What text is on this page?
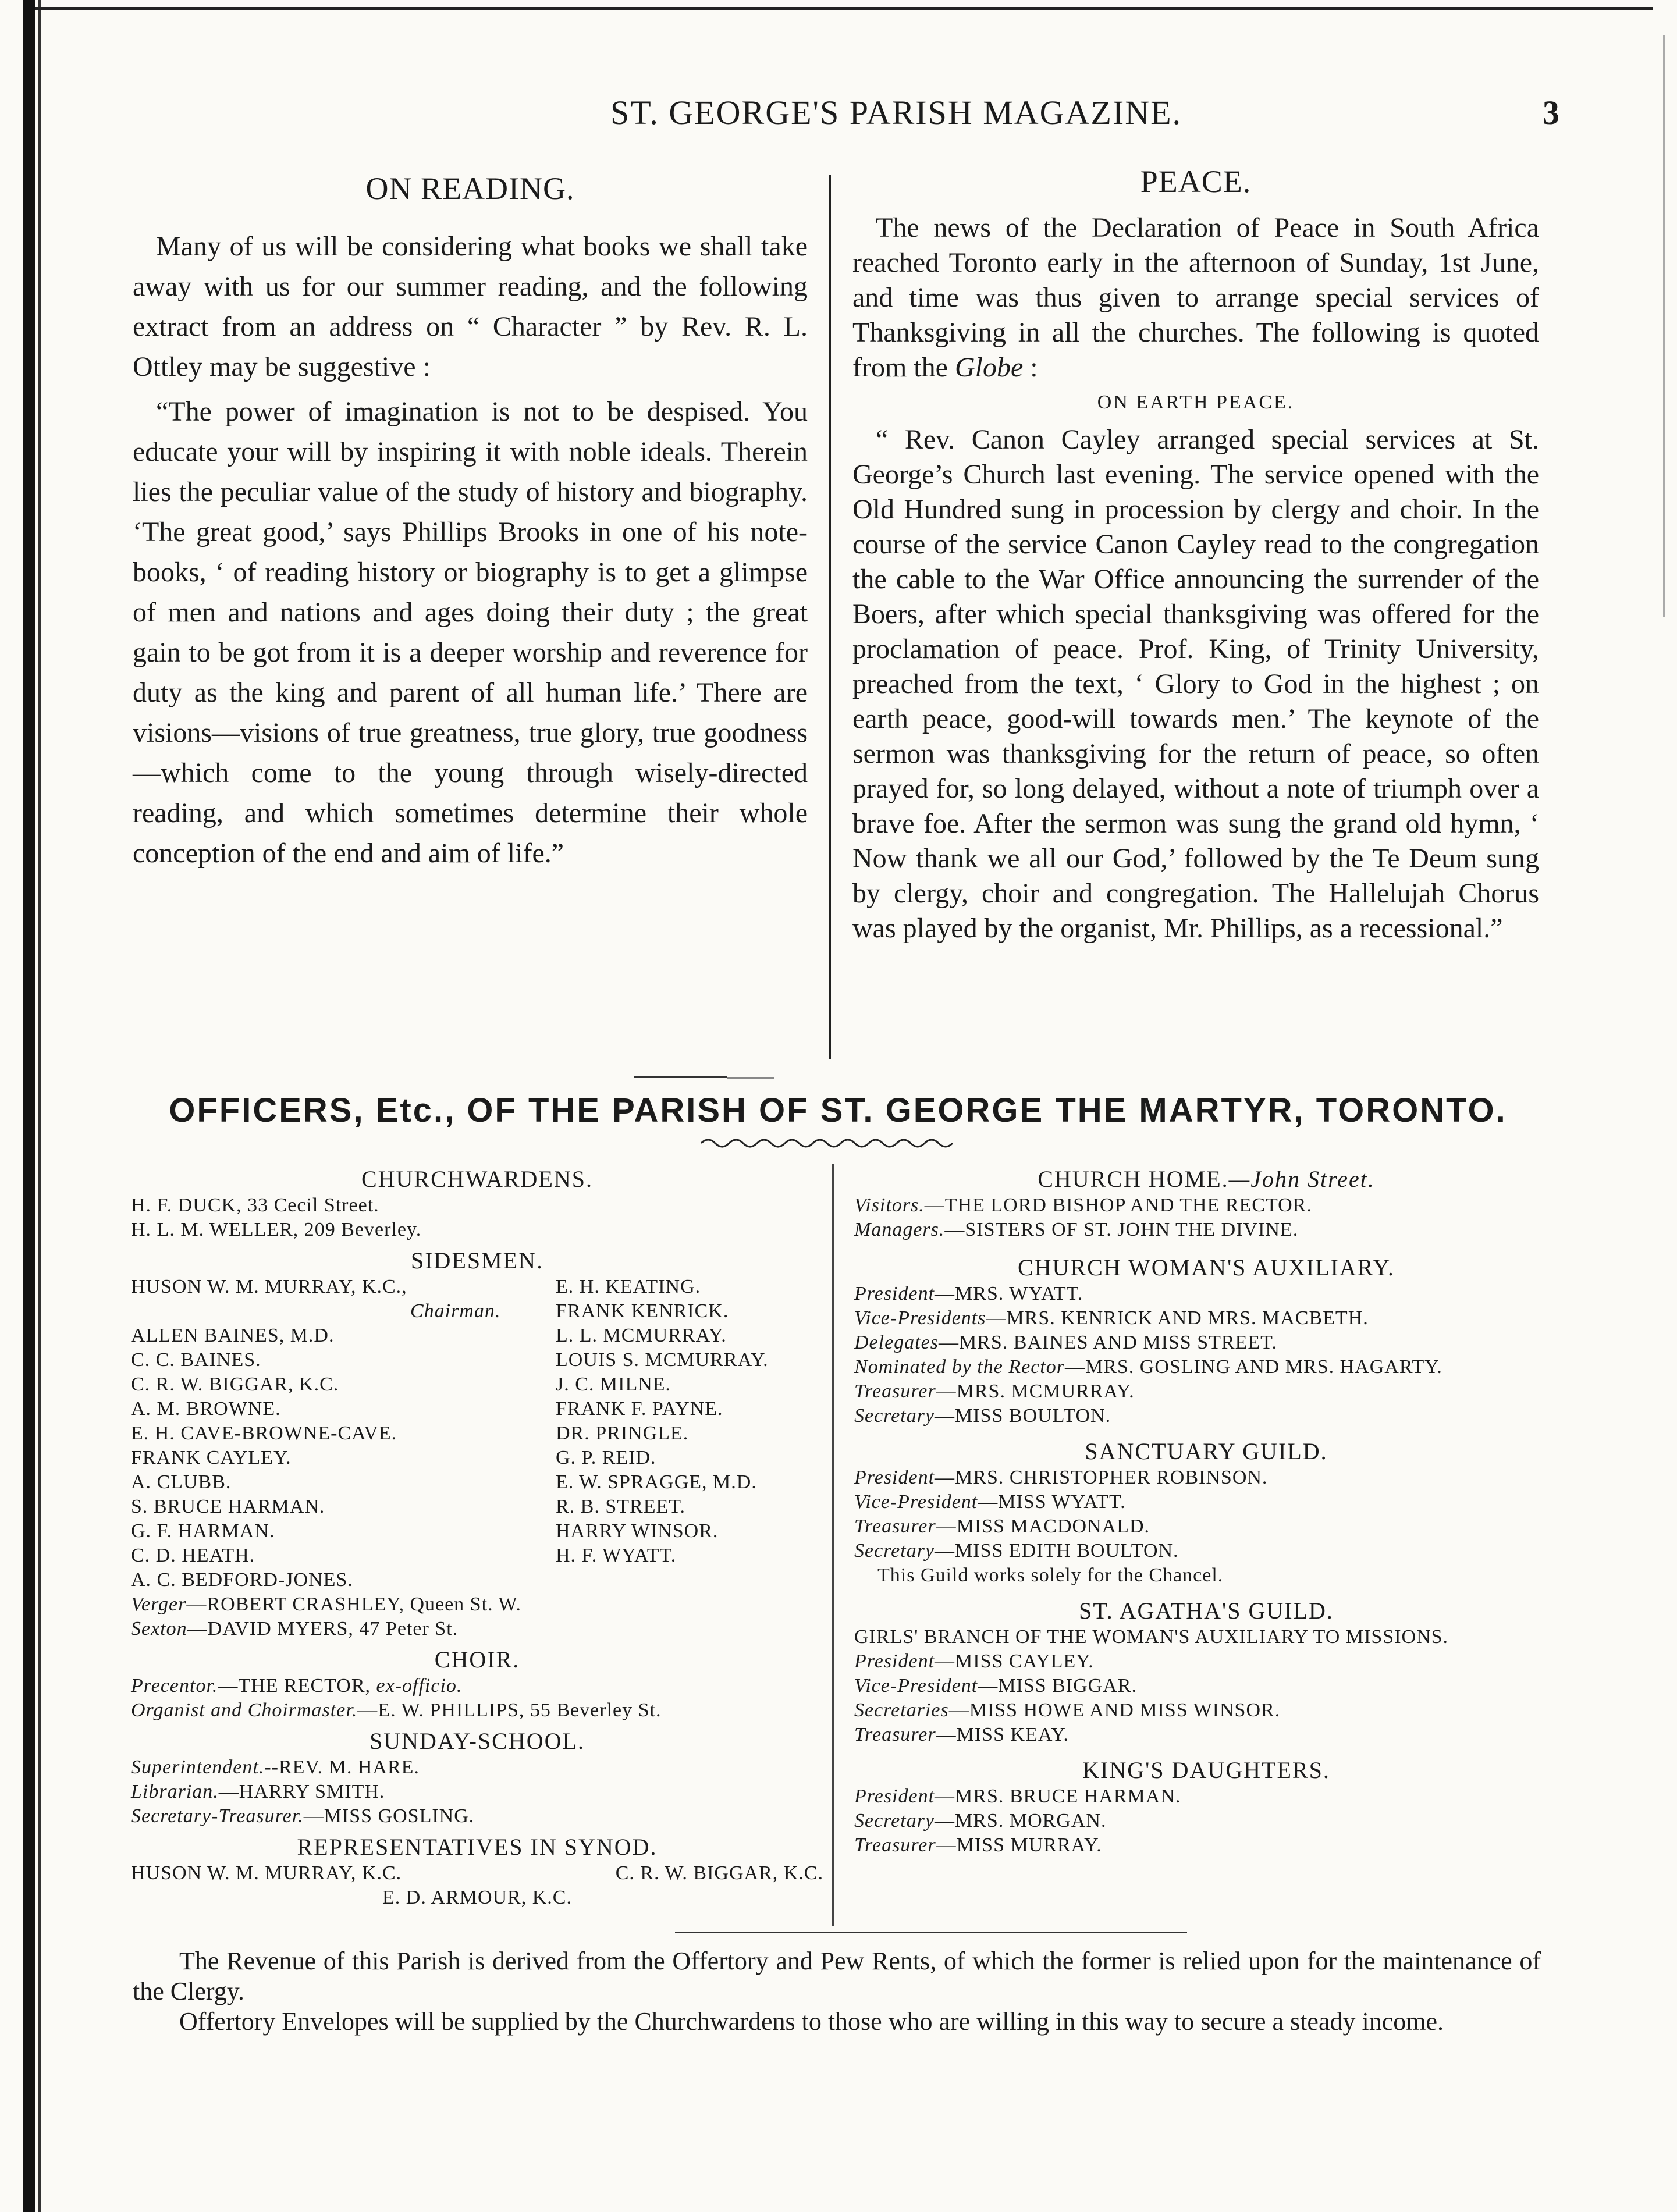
ST. GEORGE'S PARISH MAGAZINE.	3
ON READING.

Many of us will be considering what books we shall take away with us for our summer reading, and the following extract from an address on “ Character ” by Rev. R. L. Ottley may be suggestive :

“The power of imagination is not to be despised. You educate your will by inspiring it with noble ideals. Therein lies the peculiar value of the study of history and biography. ‘The great good,’ says Phillips Brooks in one of his note-books, ‘ of reading history or biography is to get a glimpse of men and nations and ages doing their duty ; the great gain to be got from it is a deeper worship and reverence for duty as the king and parent of all human life.’ There are visions—visions of true greatness, true glory, true goodness—which come to the young through wisely-directed reading, and which sometimes determine their whole conception of the end and aim of life.”

PEACE.

The news of the Declaration of Peace in South Africa reached Toronto early in the afternoon of Sunday, 1st June, and time was thus given to arrange special services of Thanksgiving in all the churches. The following is quoted from the Globe :

ON EARTH PEACE.

“ Rev. Canon Cayley arranged special services at St. George’s Church last evening. The service opened with the Old Hundred sung in procession by clergy and choir. In the course of the service Canon Cayley read to the congregation the cable to the War Office announcing the surrender of the Boers, after which special thanksgiving was offered for the proclamation of peace. Prof. King, of Trinity University, preached from the text, ‘ Glory to God in the highest ; on earth peace, good-will towards men.’ The keynote of the sermon was thanksgiving for the return of peace, so often prayed for, so long delayed, without a note of triumph over a brave foe. After the sermon was sung the grand old hymn, ‘ Now thank we all our God,’ followed by the Te Deum sung by clergy, choir and congregation. The Hallelujah Chorus was played by the organist, Mr. Phillips, as a recessional.”

OFFICERS, Etc., OF THE PARISH OF ST. GEORGE THE MARTYR, TORONTO.
CHURCHWARDENS.
H. F. DUCK, 33 Cecil Street.
H. L. M. WELLER, 209 Beverley.
SIDESMEN.
HUSON W. M. MURRAY, K.C.,	E. H. KEATING.
Chairman.	FRANK KENRICK.
ALLEN BAINES, M.D.	L. L. MCMURRAY.
C. C. BAINES.	LOUIS S. MCMURRAY.
C. R. W. BIGGAR, K.C.	J. C. MILNE.
A. M. BROWNE.	FRANK F. PAYNE.
E. H. CAVE-BROWNE-CAVE.	DR. PRINGLE.
FRANK CAYLEY.	G. P. REID.
A. CLUBB.	E. W. SPRAGGE, M.D.
S. BRUCE HARMAN.	R. B. STREET.
G. F. HARMAN.	HARRY WINSOR.
C. D. HEATH.	H. F. WYATT.
A. C. BEDFORD-JONES.
Verger—ROBERT CRASHLEY, Queen St. W.
Sexton—DAVID MYERS, 47 Peter St.
CHOIR.
Precentor.—THE RECTOR, ex-officio.
Organist and Choirmaster.—E. W. PHILLIPS, 55 Beverley St.
SUNDAY-SCHOOL.
Superintendent.--REV. M. HARE.
Librarian.—HARRY SMITH.
Secretary-Treasurer.—MISS GOSLING.
REPRESENTATIVES IN SYNOD.
HUSON W. M. MURRAY, K.C.	C. R. W. BIGGAR, K.C.
E. D. ARMOUR, K.C.
CHURCH HOME.—John Street.
Visitors.—THE LORD BISHOP AND THE RECTOR.
Managers.—SISTERS OF ST. JOHN THE DIVINE.
CHURCH WOMAN'S AUXILIARY.
President—MRS. WYATT.
Vice-Presidents—MRS. KENRICK AND MRS. MACBETH.
Delegates—MRS. BAINES AND MISS STREET.
Nominated by the Rector—MRS. GOSLING AND MRS. HAGARTY.
Treasurer—MRS. MCMURRAY.
Secretary—MISS BOULTON.
SANCTUARY GUILD.
President—MRS. CHRISTOPHER ROBINSON.
Vice-President—MISS WYATT.
Treasurer—MISS MACDONALD.
Secretary—MISS EDITH BOULTON.
This Guild works solely for the Chancel.
ST. AGATHA'S GUILD.
GIRLS' BRANCH OF THE WOMAN'S AUXILIARY TO MISSIONS.
President—MISS CAYLEY.
Vice-President—MISS BIGGAR.
Secretaries—MISS HOWE AND MISS WINSOR.
Treasurer—MISS KEAY.
KING'S DAUGHTERS.
President—MRS. BRUCE HARMAN.
Secretary—MRS. MORGAN.
Treasurer—MISS MURRAY.

The Revenue of this Parish is derived from the Offertory and Pew Rents, of which the former is relied upon for the maintenance of the Clergy.

Offertory Envelopes will be supplied by the Churchwardens to those who are willing in this way to secure a steady income.
